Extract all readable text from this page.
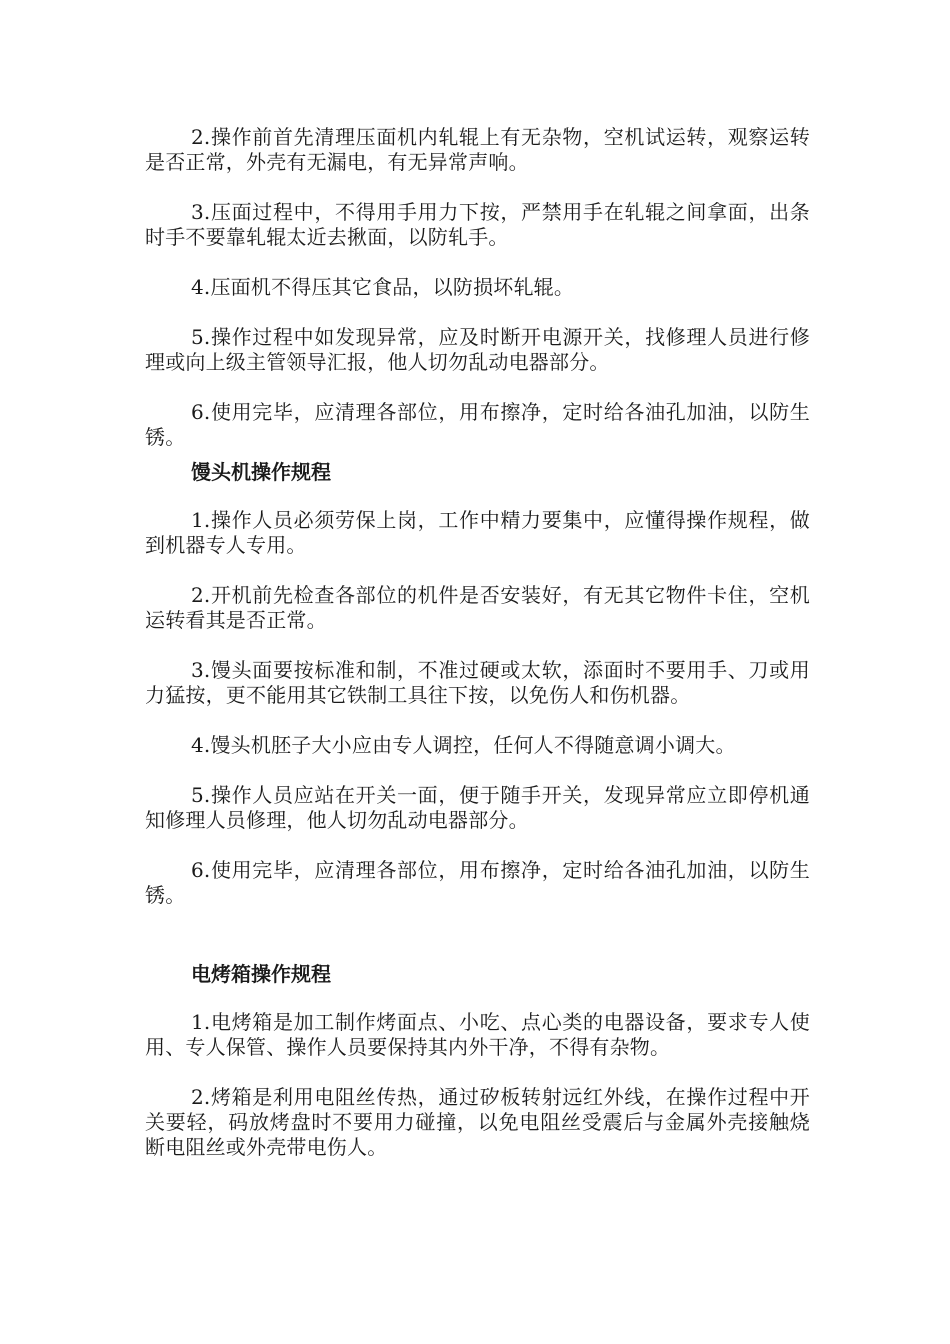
2.操作前首先清理压面机内轧辊上有无杂物，空机试运转，观察运转是否正常，外壳有无漏电，有无异常声响。

3.压面过程中，不得用手用力下按，严禁用手在轧辊之间拿面，出条时手不要靠轧辊太近去揪面，以防轧手。

4.压面机不得压其它食品，以防损坏轧辊。

5.操作过程中如发现异常，应及时断开电源开关，找修理人员进行修理或向上级主管领导汇报，他人切勿乱动电器部分。

6.使用完毕，应清理各部位，用布擦净，定时给各油孔加油，以防生锈。

馒头机操作规程

1.操作人员必须劳保上岗，工作中精力要集中，应懂得操作规程，做到机器专人专用。

2.开机前先检查各部位的机件是否安装好，有无其它物件卡住，空机运转看其是否正常。

3.馒头面要按标准和制，不准过硬或太软，添面时不要用手、刀或用力猛按，更不能用其它铁制工具往下按，以免伤人和伤机器。

4.馒头机胚子大小应由专人调控，任何人不得随意调小调大。

5.操作人员应站在开关一面，便于随手开关，发现异常应立即停机通知修理人员修理，他人切勿乱动电器部分。

6.使用完毕，应清理各部位，用布擦净，定时给各油孔加油，以防生锈。

电烤箱操作规程

1.电烤箱是加工制作烤面点、小吃、点心类的电器设备，要求专人使用、专人保管、操作人员要保持其内外干净，不得有杂物。

2.烤箱是利用电阻丝传热，通过矽板转射远红外线，在操作过程中开关要轻，码放烤盘时不要用力碰撞，以免电阻丝受震后与金属外壳接触烧断电阻丝或外壳带电伤人。
